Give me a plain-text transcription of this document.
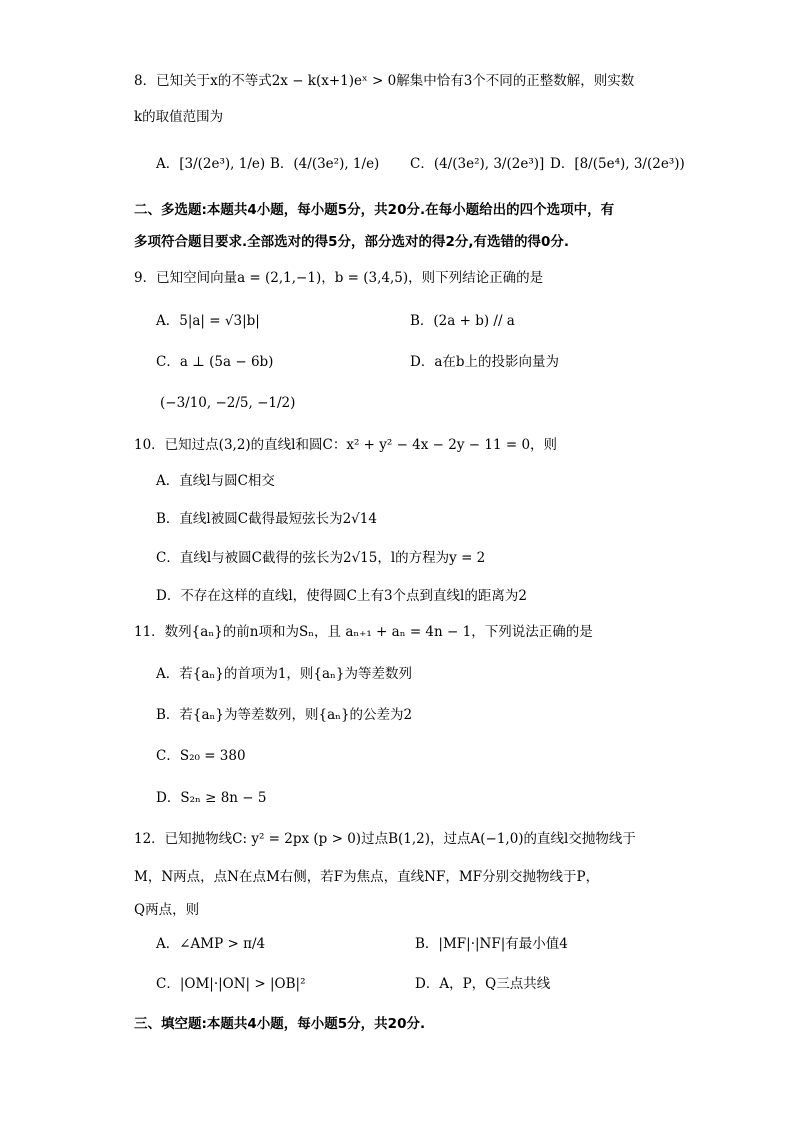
8．已知关于x的不等式2x − k(x+1)eˣ > 0解集中恰有3个不同的正整数解，则实数
k的取值范围为
A．[3/(2e³), 1/e) B．(4/(3e²), 1/e) C．(4/(3e²), 3/(2e³)] D．[8/(5e⁴), 3/(2e³))
二、多选题:本题共4小题，每小题5分，共20分.在每小题给出的四个选项中，有
多项符合题目要求.全部选对的得5分，部分选对的得2分,有选错的得0分.
9．已知空间向量a = (2,1,−1)，b = (3,4,5)，则下列结论正确的是
A．5|a| = √3|b|	B．(2a + b) // a
C．a ⊥ (5a − 6b)	D．a在b上的投影向量为
(−3/10, −2/5, −1/2)
10．已知过点(3,2)的直线l和圆C：x² + y² − 4x − 2y − 11 = 0，则
A．直线l与圆C相交
B．直线l被圆C截得最短弦长为2√14
C．直线l与被圆C截得的弦长为2√15，l的方程为y = 2
D．不存在这样的直线l，使得圆C上有3个点到直线l的距离为2
11．数列{aₙ}的前n项和为Sₙ，且 aₙ₊₁ + aₙ = 4n − 1，下列说法正确的是
A．若{aₙ}的首项为1，则{aₙ}为等差数列
B．若{aₙ}为等差数列，则{aₙ}的公差为2
C．S₂₀ = 380
D．S₂ₙ ≥ 8n − 5
12．已知抛物线C: y² = 2px (p > 0)过点B(1,2)，过点A(−1,0)的直线l交抛物线于
M，N两点，点N在点M右侧，若F为焦点，直线NF，MF分别交抛物线于P，
Q两点，则
A．∠AMP > π/4	B．|MF|·|NF|有最小值4
C．|OM|·|ON| > |OB|²	D．A，P，Q三点共线
三、填空题:本题共4小题，每小题5分，共20分.
